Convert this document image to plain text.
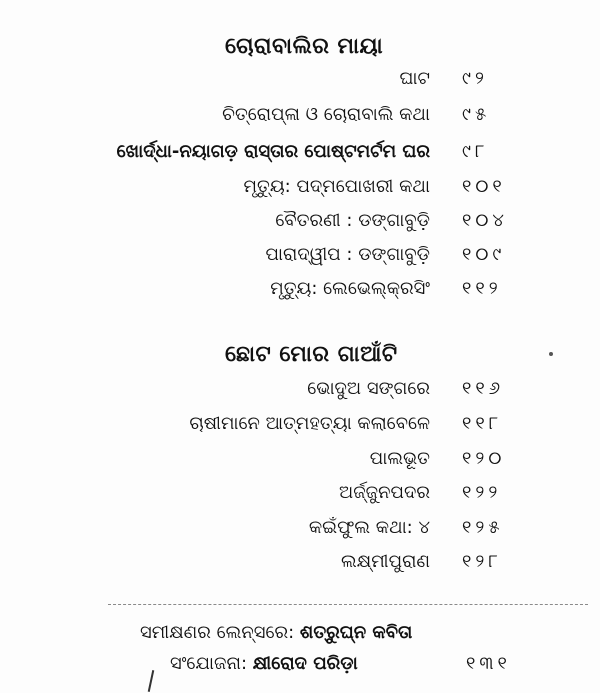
ଚୋରାବାଲିର ମାୟା
ଘାଟ ୯୨
ଚିତ୍ରୋପ୍ଳା ଓ ଚୋରାବାଲି କଥା ୯୫
ଖୋର୍ଦ୍ଧା-ନୟାଗଡ଼ ରାସ୍ତାର ପୋଷ୍ଟମର୍ଟମ ଘର ୯୮
ମୃତ୍ୟୁ: ପଦ୍ମପୋଖରୀ କଥା ୧୦୧
ବୈତରଣୀ : ଡଙ୍ଗାବୁଡ଼ି ୧୦୪
ପାରାଦ୍ୱୀପ : ଡଙ୍ଗାବୁଡ଼ି ୧୦୯
ମୃତ୍ୟୁ: ଲେଭେଲ୍‌କ୍ରସିଂ ୧୧୨
ଛୋଟ ମୋର ଗାଆଁଟି
ଭୋଦୁଅ ସଙ୍ଗରେ ୧୧୬
ଚାଷୀମାନେ ଆତ୍ମହତ୍ୟା କଲାବେଳେ ୧୧୮
ପାଲଭୂତ ୧୨୦
ଅର୍ଜ୍ଜୁନପଦର ୧୨୨
କଇଁଫୁଲ କଥା: ୪ ୧୨୫
ଲକ୍ଷ୍ମୀପୁରାଣ ୧୨୮
ସମୀକ୍ଷଣର ଲେନ୍‌ସରେ: ଶତ୍ରୁଘ୍ନ କବିତା
ସଂଯୋଜନା: କ୍ଷୀରୋଦ ପରିଡ଼ା	୧୩୧
